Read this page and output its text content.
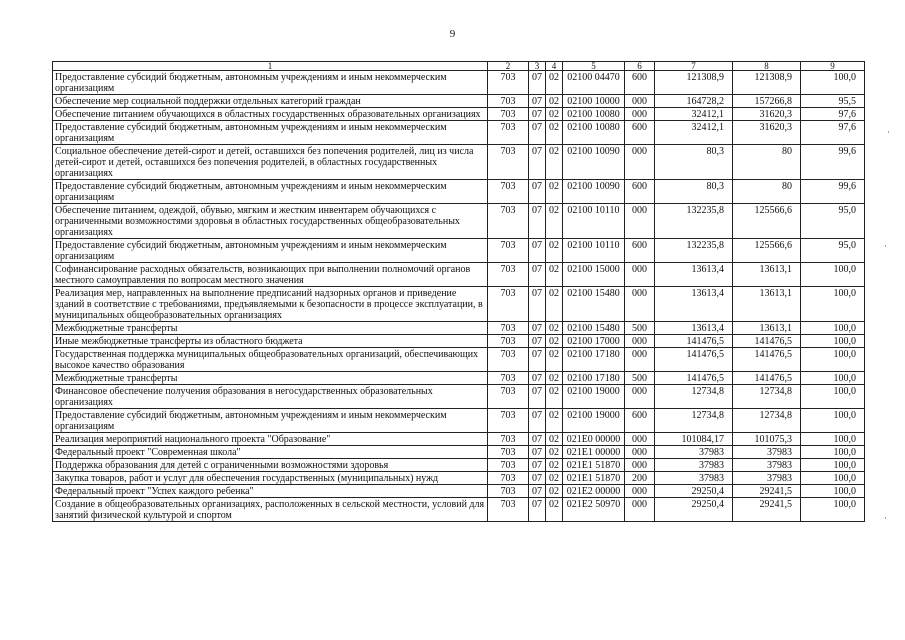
9
1	2	3	4	5	6	7	8	9
Предоставление субсидий бюджетным, автономным учреждениям и иным некоммерческим организациям	703	07	02	02100 04470	600	121308,9	121308,9	100,0
Обеспечение мер социальной поддержки отдельных категорий граждан	703	07	02	02100 10000	000	164728,2	157266,8	95,5
Обеспечение питанием обучающихся в областных государственных образовательных организациях	703	07	02	02100 10080	000	32412,1	31620,3	97,6
Предоставление субсидий бюджетным, автономным учреждениям и иным некоммерческим организациям	703	07	02	02100 10080	600	32412,1	31620,3	97,6
Социальное обеспечение детей-сирот и детей, оставшихся без попечения родителей, лиц из числа детей-сирот и детей, оставшихся без попечения родителей, в областных государственных организациях	703	07	02	02100 10090	000	80,3	80	99,6
Предоставление субсидий бюджетным, автономным учреждениям и иным некоммерческим организациям	703	07	02	02100 10090	600	80,3	80	99,6
Обеспечение питанием, одеждой, обувью, мягким и жестким инвентарем обучающихся с ограниченными возможностями здоровья в областных государственных общеобразовательных организациях	703	07	02	02100 10110	000	132235,8	125566,6	95,0
Предоставление субсидий бюджетным, автономным учреждениям и иным некоммерческим организациям	703	07	02	02100 10110	600	132235,8	125566,6	95,0
Софинансирование расходных обязательств, возникающих при выполнении полномочий органов местного самоуправления по вопросам местного значения	703	07	02	02100 15000	000	13613,4	13613,1	100,0
Реализация мер, направленных на выполнение предписаний надзорных органов и приведение зданий в соответствие с требованиями, предъявляемыми к безопасности в процессе эксплуатации, в муниципальных общеобразовательных организациях	703	07	02	02100 15480	000	13613,4	13613,1	100,0
Межбюджетные трансферты	703	07	02	02100 15480	500	13613,4	13613,1	100,0
Иные межбюджетные трансферты из областного бюджета	703	07	02	02100 17000	000	141476,5	141476,5	100,0
Государственная поддержка муниципальных общеобразовательных организаций, обеспечивающих высокое качество образования	703	07	02	02100 17180	000	141476,5	141476,5	100,0
Межбюджетные трансферты	703	07	02	02100 17180	500	141476,5	141476,5	100,0
Финансовое обеспечение получения образования в негосударственных образовательных организациях	703	07	02	02100 19000	000	12734,8	12734,8	100,0
Предоставление субсидий бюджетным, автономным учреждениям и иным некоммерческим организациям	703	07	02	02100 19000	600	12734,8	12734,8	100,0
Реализация мероприятий национального проекта "Образование"	703	07	02	021E0 00000	000	101084,17	101075,3	100,0
Федеральный проект "Современная школа"	703	07	02	021E1 00000	000	37983	37983	100,0
Поддержка образования для детей с ограниченными возможностями здоровья	703	07	02	021E1 51870	000	37983	37983	100,0
Закупка товаров, работ и услуг для обеспечения государственных (муниципальных) нужд	703	07	02	021E1 51870	200	37983	37983	100,0
Федеральный проект "Успех каждого ребенка"	703	07	02	021E2 00000	000	29250,4	29241,5	100,0
Создание в общеобразовательных организациях, расположенных в сельской местности, условий для занятий физической культурой и спортом	703	07	02	021E2 50970	000	29250,4	29241,5	100,0
·
·
·
